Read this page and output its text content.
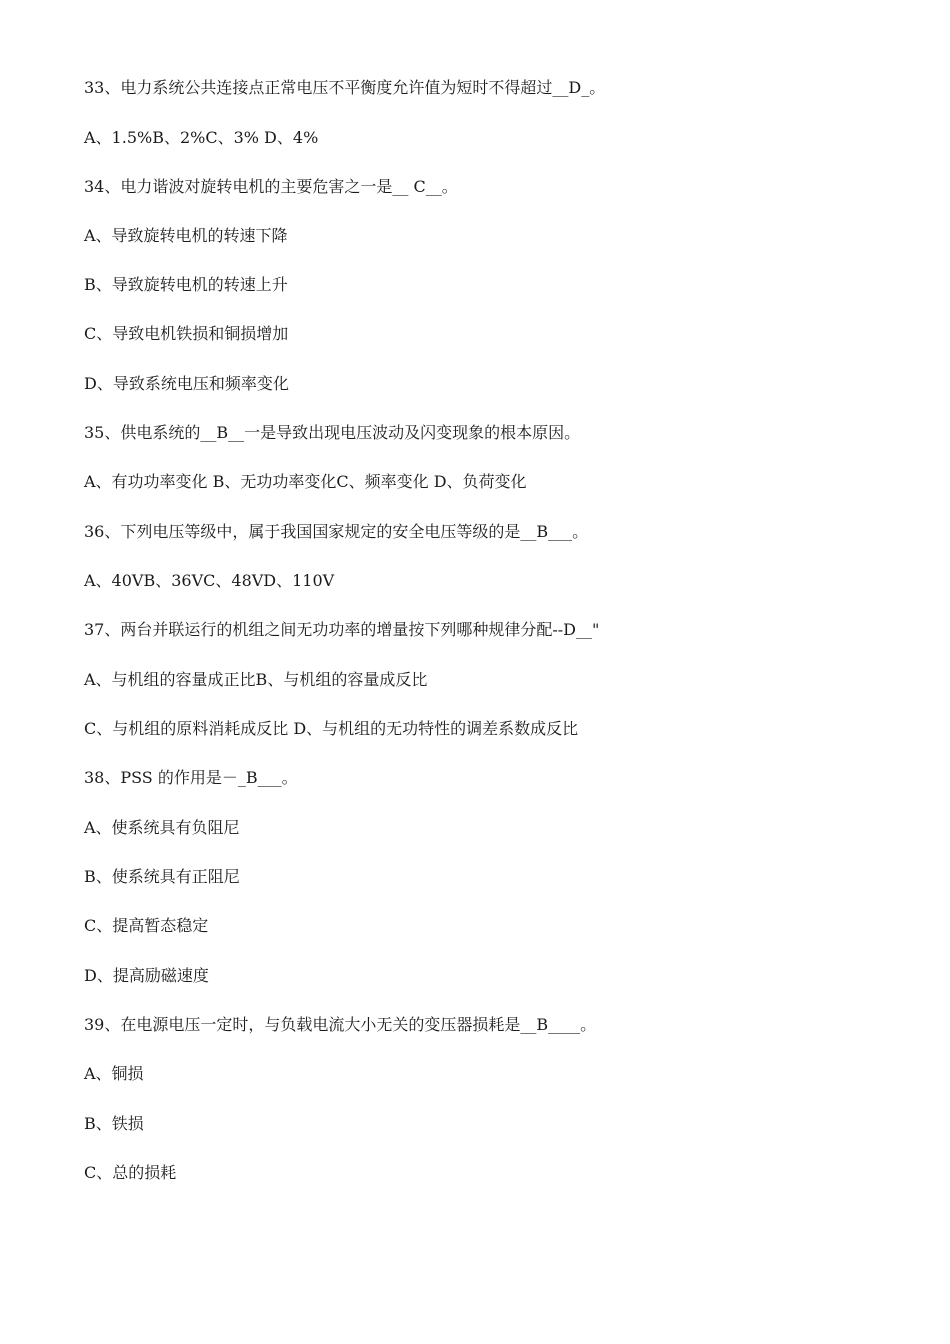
33、电力系统公共连接点正常电压不平衡度允许值为短时不得超过__D_。

A、1.5%B、2%C、3% D、4%

34、电力谐波对旋转电机的主要危害之一是__ C__。

A、导致旋转电机的转速下降

B、导致旋转电机的转速上升

C、导致电机铁损和铜损增加

D、导致系统电压和频率变化

35、供电系统的__B__一是导致出现电压波动及闪变现象的根本原因。

A、有功功率变化 B、无功功率变化C、频率变化 D、负荷变化

36、下列电压等级中，属于我国国家规定的安全电压等级的是__B___。

A、40VB、36VC、48VD、110V

37、两台并联运行的机组之间无功功率的增量按下列哪种规律分配--D__"

A、与机组的容量成正比B、与机组的容量成反比

C、与机组的原料消耗成反比 D、与机组的无功特性的调差系数成反比

38、PSS 的作用是－_B___。

A、使系统具有负阻尼

B、使系统具有正阻尼

C、提高暂态稳定

D、提高励磁速度

39、在电源电压一定时，与负载电流大小无关的变压器损耗是__B____。

A、铜损

B、铁损

C、总的损耗
